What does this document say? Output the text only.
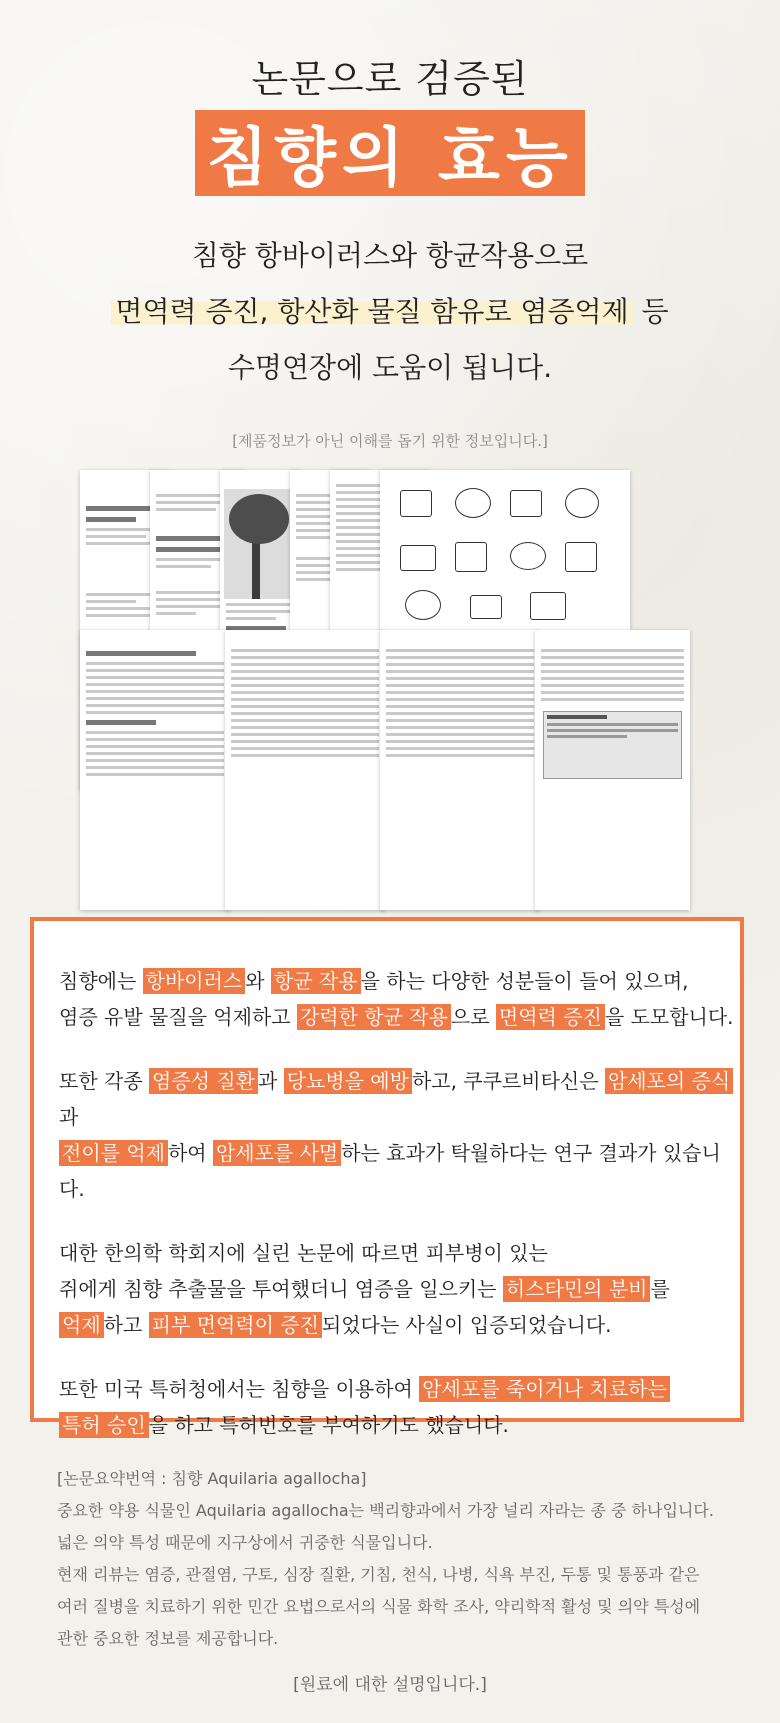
논문으로 검증된
침향의 효능
침향 항바이러스와 항균작용으로
면역력 증진, 항산화 물질 함유로 염증억제 등
수명연장에 도움이 됩니다.
[제품정보가 아닌 이해를 돕기 위한 정보입니다.]

침향에는 항바이러스 와 항균 작용 을 하는 다양한 성분들이 들어 있으며,
염증 유발 물질을 억제하고 강력한 항균 작용 으로 면역력 증진 을 도모합니다.

또한 각종 염증성 질환 과 당뇨병을 예방 하고, 쿠쿠르비타신은 암세포의 증식과
전이를 억제 하여 암세포를 사멸 하는 효과가 탁월하다는 연구 결과가 있습니다.

대한 한의학 학회지에 실린 논문에 따르면 피부병이 있는
쥐에게 침향 추출물을 투여했더니 염증을 일으키는 히스타민의 분비 를
억제 하고 피부 면역력이 증진 되었다는 사실이 입증되었습니다.

또한 미국 특허청에서는 침향을 이용하여 암세포를 죽이거나 치료하는
특허 승인 을 하고 특허번호를 부여하기도 했습니다.

[논문요약번역 : 침향 Aquilaria agallocha]
중요한 약용 식물인 Aquilaria agallocha는 백리향과에서 가장 널리 자라는 종 중 하나입니다.
넓은 의약 특성 때문에 지구상에서 귀중한 식물입니다.
현재 리뷰는 염증, 관절염, 구토, 심장 질환, 기침, 천식, 나병, 식욕 부진, 두통 및 통풍과 같은
여러 질병을 치료하기 위한 민간 요법으로서의 식물 화학 조사, 약리학적 활성 및 의약 특성에
관한 중요한 정보를 제공합니다.
[원료에 대한 설명입니다.]
